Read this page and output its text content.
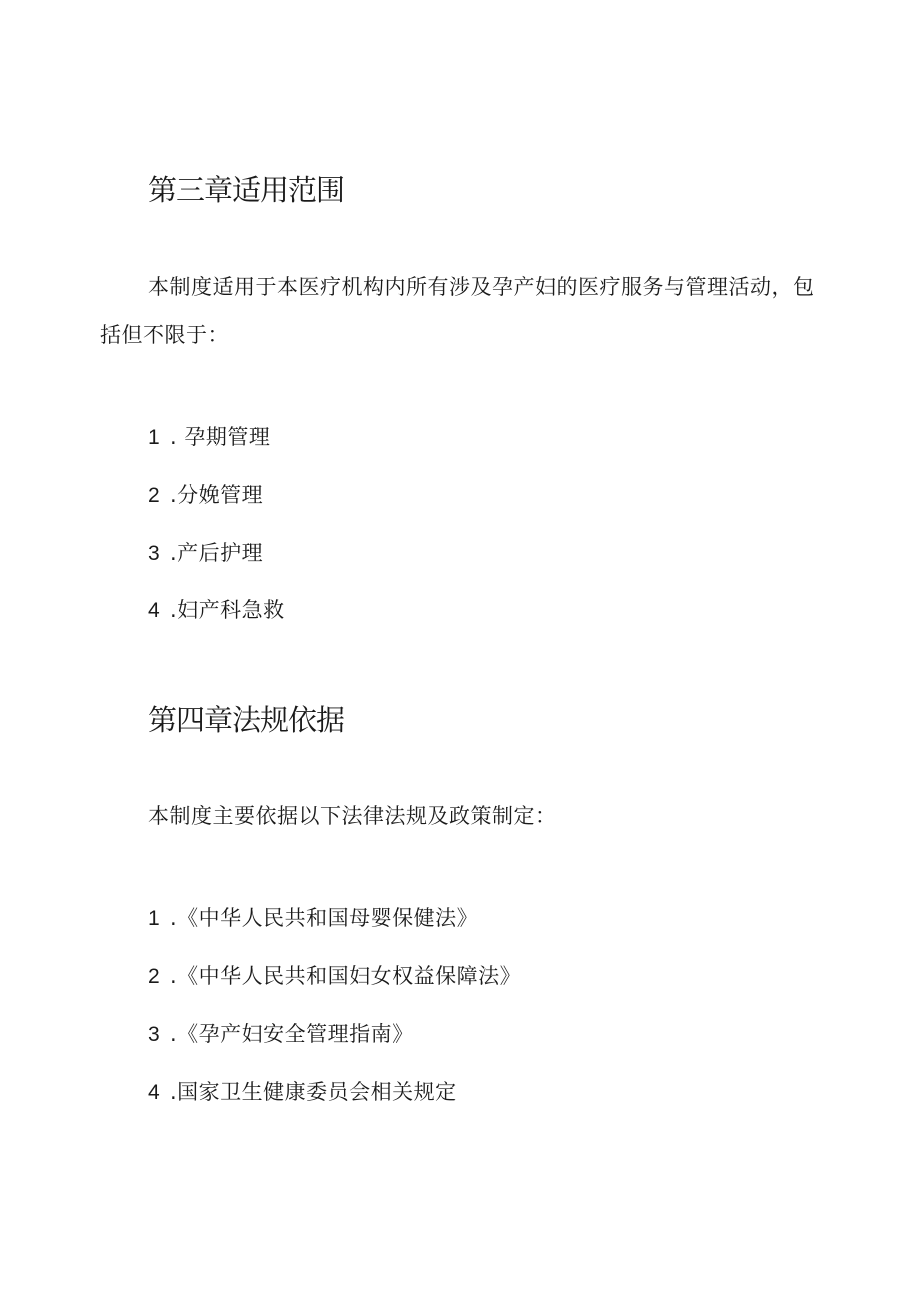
第三章适用范围

本制度适用于本医疗机构内所有涉及孕产妇的医疗服务与管理活动，包

括但不限于：

1 . 孕期管理
2 .分娩管理
3 .产后护理
4 .妇产科急救
第四章法规依据

本制度主要依据以下法律法规及政策制定：

1 .《中华人民共和国母婴保健法》
2 .《中华人民共和国妇女权益保障法》
3 .《孕产妇安全管理指南》
4 .国家卫生健康委员会相关规定
